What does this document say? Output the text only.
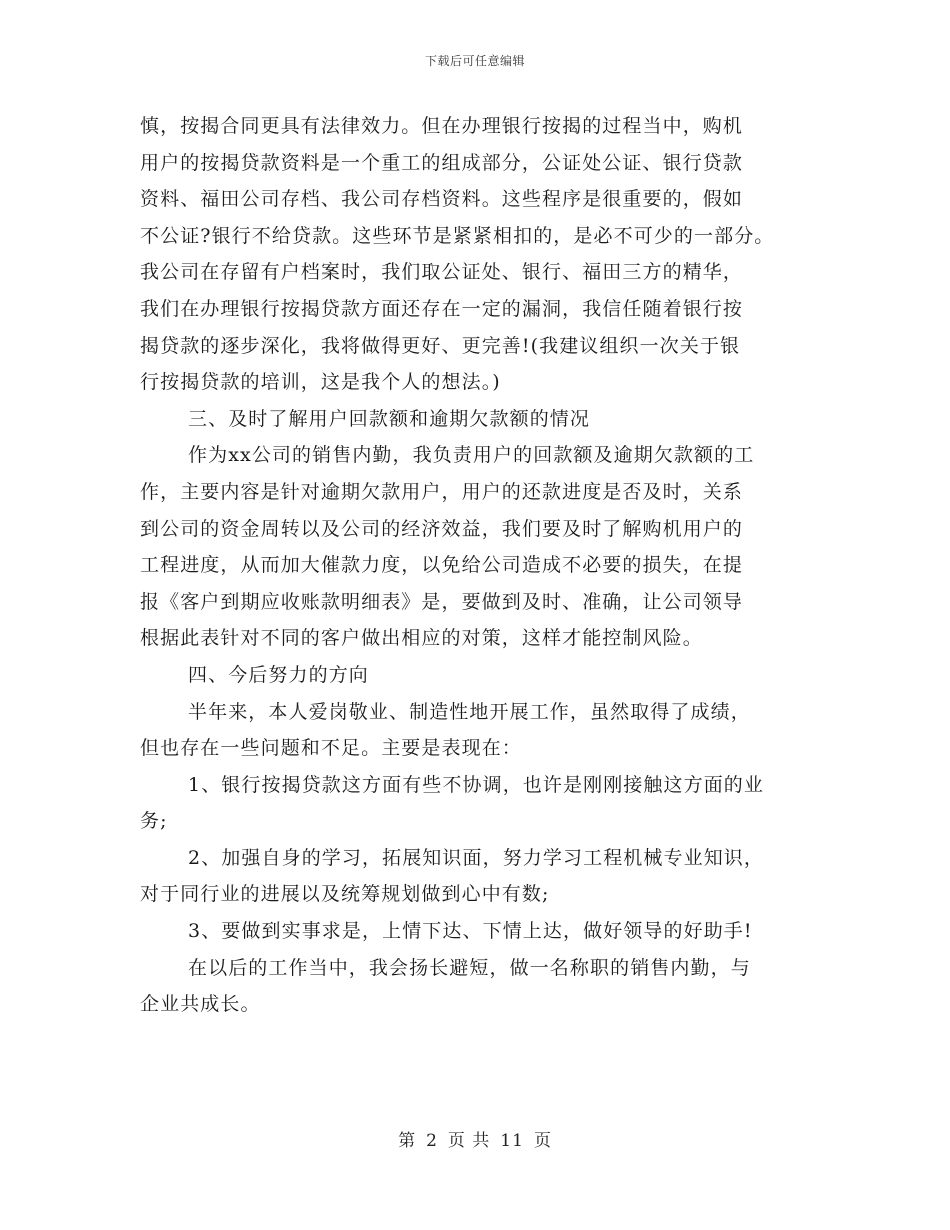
下载后可任意编辑
慎，按揭合同更具有法律效力。但在办理银行按揭的过程当中，购机
用户的按揭贷款资料是一个重工的组成部分，公证处公证、银行贷款
资料、福田公司存档、我公司存档资料。这些程序是很重要的，假如
不公证?银行不给贷款。这些环节是紧紧相扣的，是必不可少的一部分。
我公司在存留有户档案时，我们取公证处、银行、福田三方的精华，
我们在办理银行按揭贷款方面还存在一定的漏洞，我信任随着银行按
揭贷款的逐步深化，我将做得更好、更完善!(我建议组织一次关于银
行按揭贷款的培训，这是我个人的想法。)
三、及时了解用户回款额和逾期欠款额的情况
作为xx公司的销售内勤，我负责用户的回款额及逾期欠款额的工
作，主要内容是针对逾期欠款用户，用户的还款进度是否及时，关系
到公司的资金周转以及公司的经济效益，我们要及时了解购机用户的
工程进度，从而加大催款力度，以免给公司造成不必要的损失，在提
报《客户到期应收账款明细表》是，要做到及时、准确，让公司领导
根据此表针对不同的客户做出相应的对策，这样才能控制风险。
四、今后努力的方向
半年来，本人爱岗敬业、制造性地开展工作，虽然取得了成绩，
但也存在一些问题和不足。主要是表现在：
1、银行按揭贷款这方面有些不协调，也许是刚刚接触这方面的业
务;
2、加强自身的学习，拓展知识面，努力学习工程机械专业知识，
对于同行业的进展以及统筹规划做到心中有数;
3、要做到实事求是，上情下达、下情上达，做好领导的好助手!
在以后的工作当中，我会扬长避短，做一名称职的销售内勤，与
企业共成长。
第 2 页 共 11 页
